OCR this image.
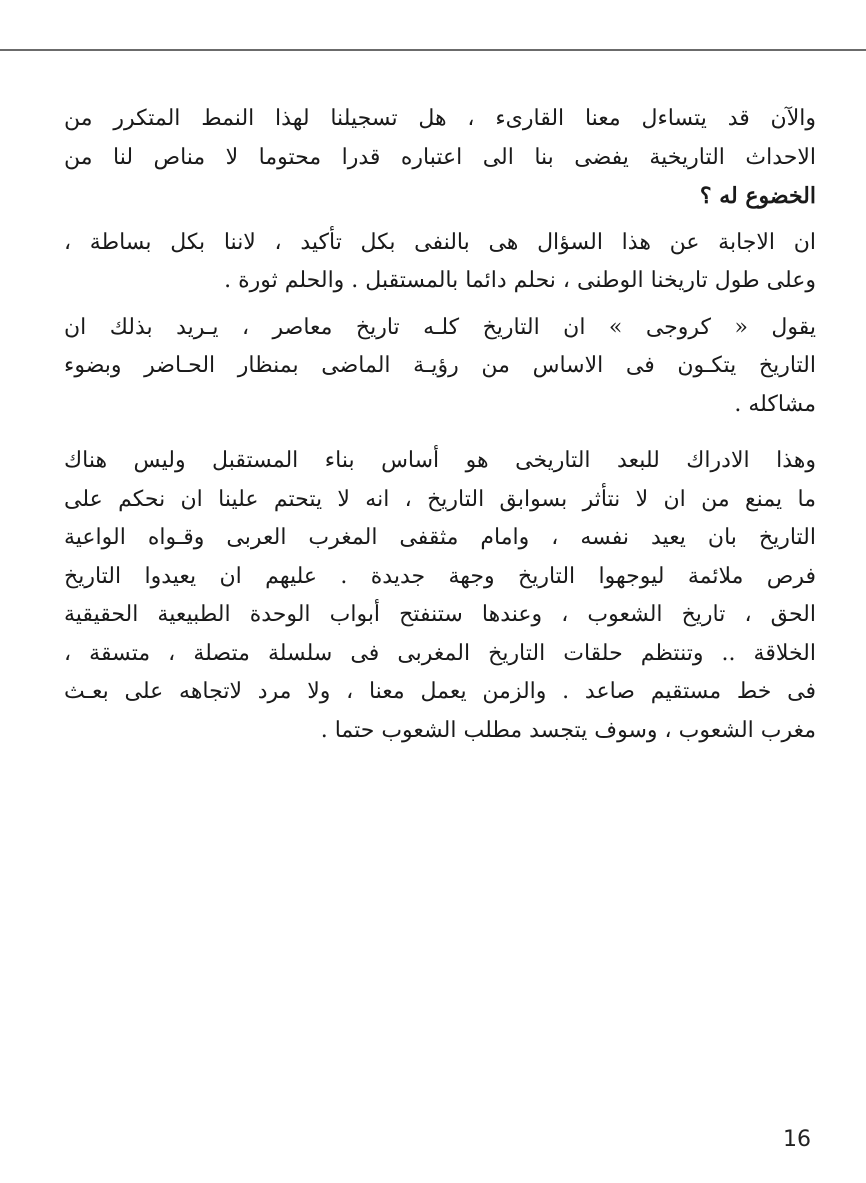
والآن قد يتساءل معنا القارىء ، هل تسجيلنا لهذا النمط المتكرر من
الاحداث التاريخية يفضى بنا الى اعتباره قدرا محتوما لا مناص لنا من
الخضوع له ؟

ان الاجابة عن هذا السؤال هى بالنفى بكل تأكيد ، لاننا بكل بساطة ،
وعلى طول تاريخنا الوطنى ، نحلم دائما بالمستقبل . والحلم ثورة .

يقول « كروجى » ان التاريخ كلـه تاريخ معاصر ، يـريد بذلك ان
التاريخ يتكـون فى الاساس من رؤيـة الماضى بمنظار الحـاضر وبضوء
مشاكله .

وهذا الادراك للبعد التاريخى هو أساس بناء المستقبل وليس هناك
ما يمنع من ان لا نتأثر بسوابق التاريخ ، انه لا يتحتم علينا ان نحكم على
التاريخ بان يعيد نفسه ، وامام مثقفى المغرب العربى وقـواه الواعية
فرص ملائمة ليوجهوا التاريخ وجهة جديدة . عليهم ان يعيدوا التاريخ
الحق ، تاريخ الشعوب ، وعندها ستنفتح أبواب الوحدة الطبيعية الحقيقية
الخلاقة .. وتنتظم حلقات التاريخ المغربى فى سلسلة متصلة ، متسقة ،
فى خط مستقيم صاعد . والزمن يعمل معنا ، ولا مرد لاتجاهه على بعـث
مغرب الشعوب ، وسوف يتجسد مطلب الشعوب حتما .

16
